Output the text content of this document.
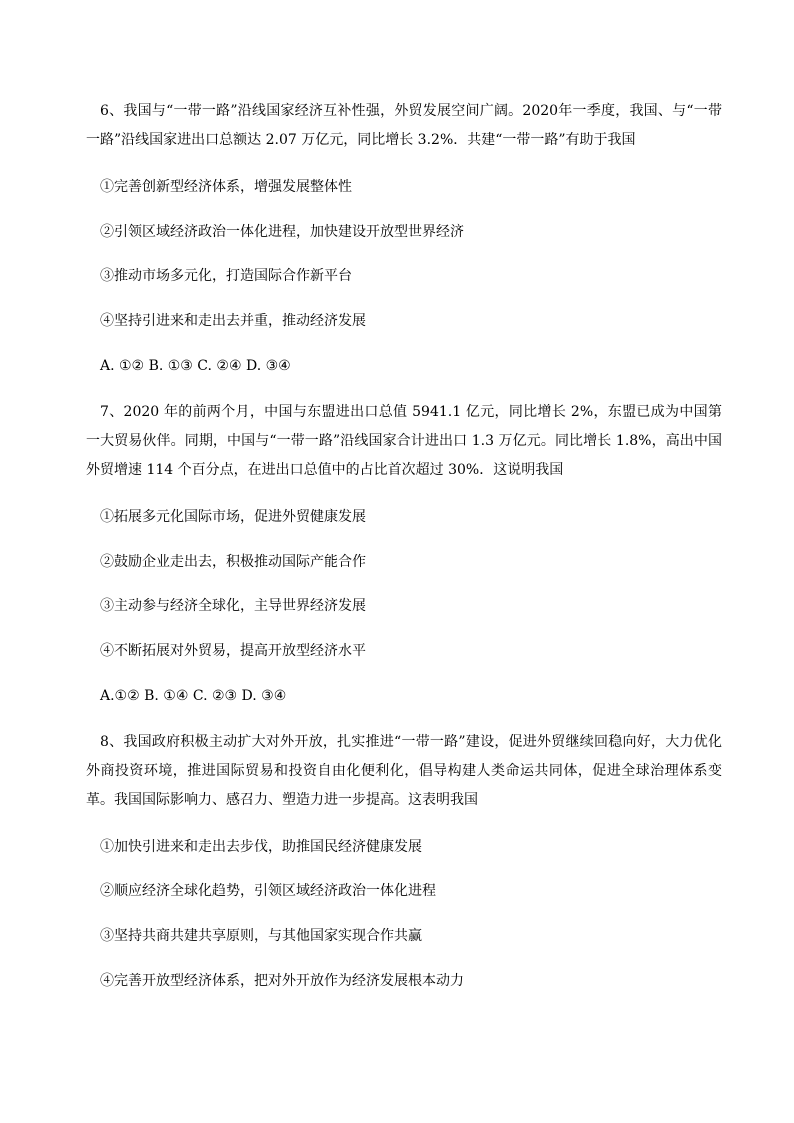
6、我国与“一带一路”沿线国家经济互补性强，外贸发展空间广阔。2020年一季度，我国、与“一带一路”沿线国家进出口总额达 2.07 万亿元，同比增长 3.2%．共建“一带一路”有助于我国
①完善创新型经济体系，增强发展整体性
②引领区域经济政治一体化进程，加快建设开放型世界经济
③推动市场多元化，打造国际合作新平台
④坚持引进来和走出去并重，推动经济发展
A. ①② B. ①③ C. ②④ D. ③④
7、2020 年的前两个月，中国与东盟进出口总值 5941.1 亿元，同比增长 2%，东盟已成为中国第一大贸易伙伴。同期，中国与“一带一路”沿线国家合计进出口 1.3 万亿元。同比增长 1.8%，高出中国外贸增速 114 个百分点，在进出口总值中的占比首次超过 30%．这说明我国
①拓展多元化国际市场，促进外贸健康发展
②鼓励企业走出去，积极推动国际产能合作
③主动参与经济全球化，主导世界经济发展
④不断拓展对外贸易，提高开放型经济水平
A.①② B. ①④ C. ②③ D. ③④
8、我国政府积极主动扩大对外开放，扎实推进“一带一路”建设，促进外贸继续回稳向好，大力优化外商投资环境，推进国际贸易和投资自由化便利化，倡导构建人类命运共同体，促进全球治理体系变革。我国国际影响力、感召力、塑造力进一步提高。这表明我国
①加快引进来和走出去步伐，助推国民经济健康发展
②顺应经济全球化趋势，引领区域经济政治一体化进程
③坚持共商共建共享原则，与其他国家实现合作共赢
④完善开放型经济体系，把对外开放作为经济发展根本动力
